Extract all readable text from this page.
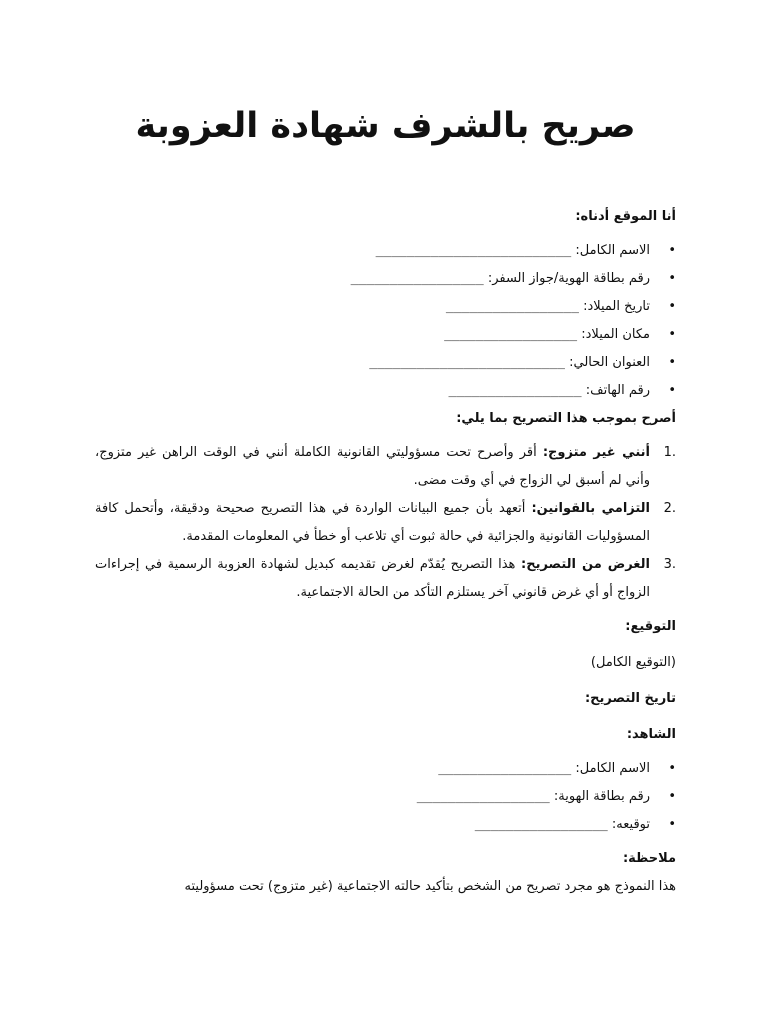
صريح بالشرف شهادة العزوبة

أنا الموقع أدناه:

• الاسم الكامل: _________________________
• رقم بطاقة الهوية/جواز السفر: _________________
• تاريخ الميلاد: _________________
• مكان الميلاد: _________________
• العنوان الحالي: _________________________
• رقم الهاتف: _________________

أصرح بموجب هذا التصريح بما يلي:

.1
أنني غير متزوج: أقر وأصرح تحت مسؤوليتي القانونية الكاملة أنني في الوقت الراهن غير متزوج، وأني لم أسبق لي الزواج في أي وقت مضى.
.2
التزامي بالقوانين: أتعهد بأن جميع البيانات الواردة في هذا التصريح صحيحة ودقيقة، وأتحمل كافة المسؤوليات القانونية والجزائية في حالة ثبوت أي تلاعب أو خطأ في المعلومات المقدمة.
.3
الغرض من التصريح: هذا التصريح يُقدّم لغرض تقديمه كبديل لشهادة العزوبة الرسمية في إجراءات الزواج أو أي غرض قانوني آخر يستلزم التأكد من الحالة الاجتماعية.

التوقيع:

(التوقيع الكامل)

تاريخ التصريح:

الشاهد:

• الاسم الكامل: _________________
• رقم بطاقة الهوية: _________________
• توقيعه: _________________

ملاحظة:

هذا النموذج هو مجرد تصريح من الشخص بتأكيد حالته الاجتماعية (غير متزوج) تحت مسؤوليته
